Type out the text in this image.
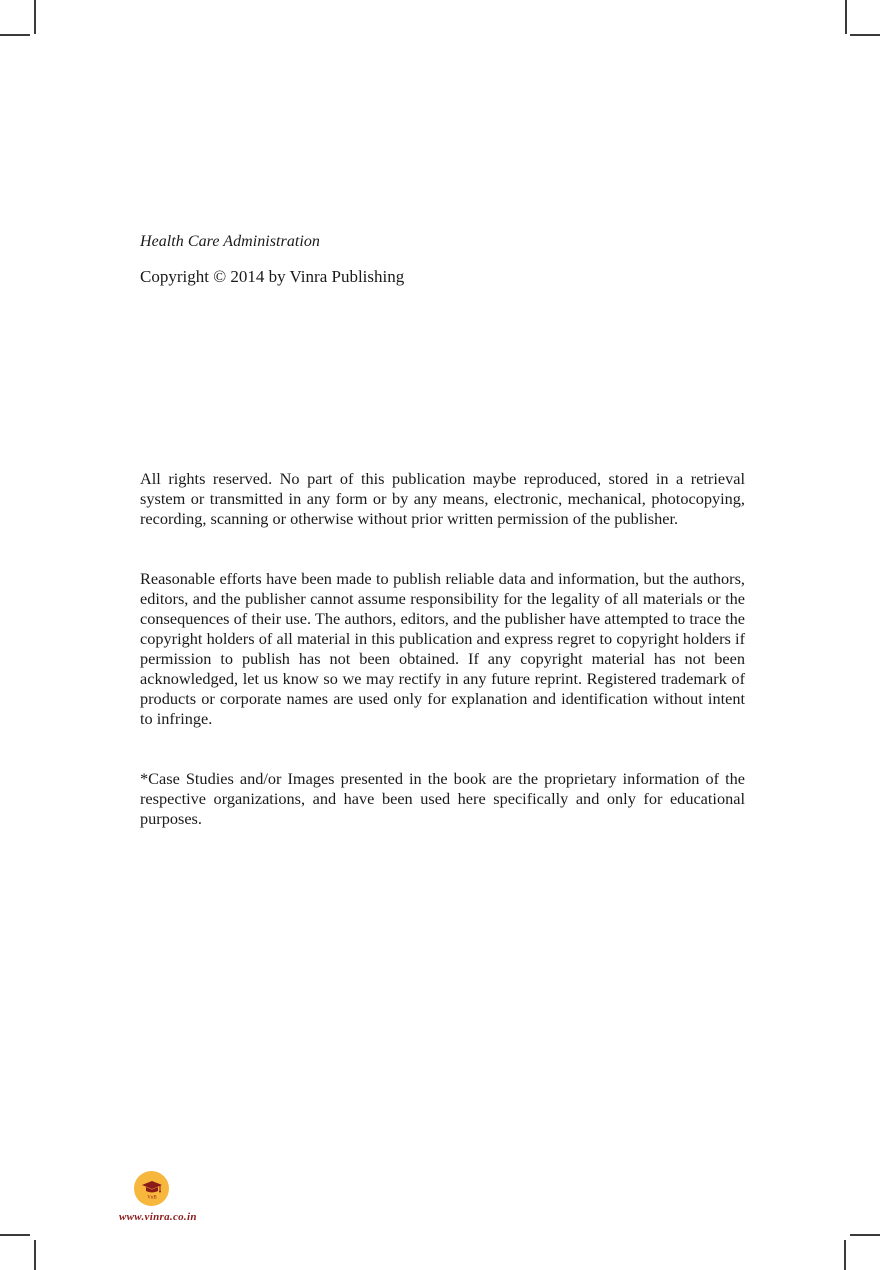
Health Care Administration
Copyright © 2014 by Vinra Publishing
All rights reserved. No part of this publication maybe reproduced, stored in a retrieval system or transmitted in any form or by any means, electronic, mechanical, photocopying, recording, scanning or otherwise without prior written permission of the publisher.
Reasonable efforts have been made to publish reliable data and information, but the authors, editors, and the publisher cannot assume responsibility for the legality of all materials or the consequences of their use. The authors, editors, and the publisher have attempted to trace the copyright holders of all material in this publication and express regret to copyright holders if permission to publish has not been obtained. If any copyright material has not been acknowledged, let us know so we may rectify in any future reprint. Registered trademark of products or corporate names are used only for explanation and identification without intent to infringe.
*Case Studies and/or Images presented in the book are the proprietary information of the respective organizations, and have been used here specifically and only for educational purposes.
VnB
www.vinra.co.in
